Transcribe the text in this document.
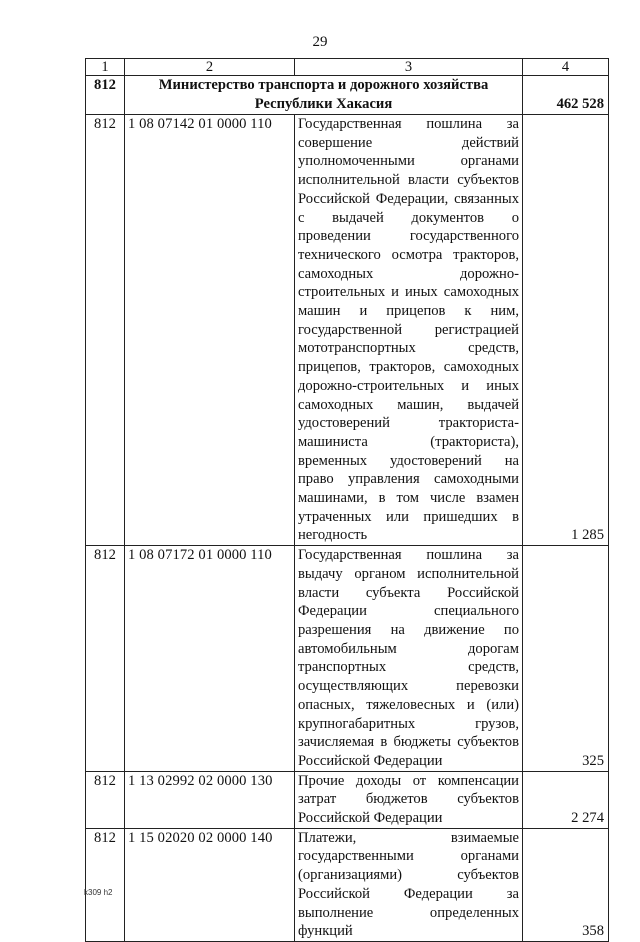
29
1	2	3	4
812	Министерство транспорта и дорожного хозяйства Республики Хакасия		462 528

812	1 08 07142 01 0000 110	Государственная пошлина за совершение действий уполномоченными органами исполнительной власти субъектов Российской Федерации, связанных с выдачей документов о проведении государственного технического осмотра тракторов, самоходных дорожно-строительных и иных самоходных машин и прицепов к ним, государственной регистрацией мототранспортных средств, прицепов, тракторов, самоходных дорожно-строительных и иных самоходных машин, выдачей удостоверений тракториста-машиниста (тракториста), временных удостоверений на право управления самоходными машинами, в том числе взамен утраченных или пришедших в негодность	1 285

812	1 08 07172 01 0000 110	Государственная пошлина за выдачу органом исполнительной власти субъекта Российской Федерации специального разрешения на движение по автомобильным дорогам транспортных средств, осуществляющих перевозки опасных, тяжеловесных и (или) крупногабаритных грузов, зачисляемая в бюджеты субъектов Российской Федерации	325

812	1 13 02992 02 0000 130	Прочие доходы от компенсации затрат бюджетов субъектов Российской Федерации	2 274

812	1 15 02020 02 0000 140	Платежи, взимаемые государственными органами (организациями) субъектов Российской Федерации за выполнение определенных функций	358
k309 h2
